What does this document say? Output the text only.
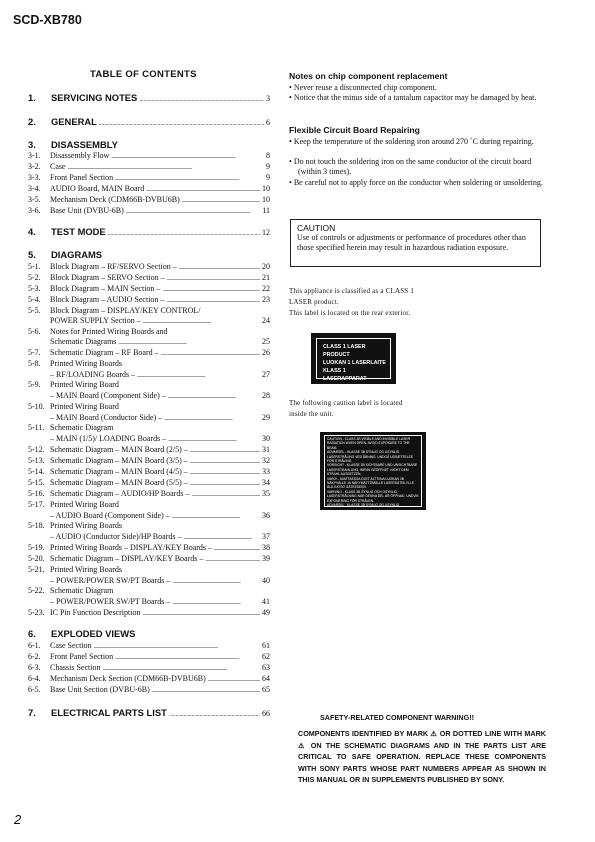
SCD-XB780
TABLE OF CONTENTS
1.	SERVICING NOTES . . .	3
2.	GENERAL . . .	6
3.	DISASSEMBLY
3-1.	Disassembly Flow . . .	8
3-2.	Case . . .	9
3-3.	Front Panel Section . . .	9
3-4.	AUDIO Board, MAIN Board . . .	10
3-5.	Mechanism Deck (CDM66B-DVBU6B) . . .	10
3-6.	Base Unit (DVBU-6B) . . .	11
4.	TEST MODE . . .	12
5.	DIAGRAMS
5-1.	Block Diagram – RF/SERVO Section – . . .	20
5-2.	Block Diagram – SERVO Section – . . .	21
5-3.	Block Diagram – MAIN Section – . . .	22
5-4.	Block Diagram – AUDIO Section – . . .	23
5-5.	Block Diagram – DISPLAY/KEY CONTROL/
POWER SUPPLY Section – . . .	24
5-6.	Notes for Printed Wiring Boards and
Schematic Diagrams . . .	25
5-7.	Schematic Diagram – RF Board – . . .	26
5-8.	Printed Wiring Boards
– RF/LOADING Boards – . . .	27
5-9.	Printed Wiring Board
– MAIN Board (Component Side) – . . .	28
5-10. Printed Wiring Board
– MAIN Board (Conductor Side) – . . .	29
5-11. Schematic Diagram
– MAIN (1/5)/ LOADING Boards – . . .	30
5-12. Schematic Diagram – MAIN Board (2/5) – . . .	31
5-13. Schematic Diagram – MAIN Board (3/5) – . . .	32
5-14. Schematic Diagram – MAIN Board (4/5) – . . .	33
5-15. Schematic Diagram – MAIN Board (5/5) – . . .	34
5-16. Schematic Diagram – AUDIO/HP Boards – . . .	35
5-17. Printed Wiring Board
– AUDIO Board (Component Side) – . . .	36
5-18. Printed Wiring Boards
– AUDIO (Conductor Side)/HP Boards – . . .	37
5-19. Printed Wiring Boards – DISPLAY/KEY Boards – . . .	38
5-20. Schematic Diagram – DISPLAY/KEY Boards – . . .	39
5-21. Printed Wiring Boards
– POWER/POWER SW/PT Boards – . . .	40
5-22. Schematic Diagram
– POWER/POWER SW/PT Boards – . . .	41
5-23. IC Pin Function Description . . .	49
6.	EXPLODED VIEWS
6-1.	Case Section . . .	61
6-2.	Front Panel Section . . .	62
6-3.	Chassis Section . . .	63
6-4.	Mechanism Deck Section (CDM66B-DVBU6B) . . .	64
6-5.	Base Unit Section (DVBU-6B) . . .	65
7.	ELECTRICAL PARTS LIST . . .	66
Notes on chip component replacement
• Never reuse a disconnected chip component.
• Notice that the minus side of a tantalum capacitor may be damaged by heat.
Flexible Circuit Board Repairing
• Keep the temperature of the soldering iron around 270 ˚C during repairing.
• Do not touch the soldering iron on the same conductor of the circuit board (within 3 times).
• Be careful not to apply force on the conductor when soldering or unsoldering.
CAUTION
Use of controls or adjustments or performance of procedures other than those specified herein may result in hazardous radiation exposure.
This appliance is classified as a CLASS 1
LASER product.
This label is located on the rear exterior.
CLASS 1 LASER PRODUCT
LUOKAN 1 LASERLAITE
KLASS 1 LASERAPPARAT
The following caution label is located
inside the unit.
CAUTION - CLASS 3B VISIBLE AND INVISIBLE LASER RADIATION WHEN OPEN. AVOID EXPOSURE TO THE BEAM.
ADVARSEL - KLASSE 3B SYNLIG OG USYNLIG LASERSTRÅLING VED ÅBNING. UNDGÅ UDSÆTTELSE FOR STRÅLING.
VORSICHT - KLASSE 3B SICHTBARE UND UNSICHTBARE LASERSTRAHLUNG, WENN GEÖFFNET. NICHT DEM STRAHL AUSSETZEN.
VARO! - AVATTAESSA OLET ALTTIINA LUOKAN 3B NÄKYVÄLLE JA NÄKYMÄTTÖMÄLLE LASERSÄTEILYLLE. ÄLÄ KATSO SÄTEESEEN.
VARNING - KLASS 3B SYNLIG OCH OSYNLIG LASERSTRÅLNING NÄR DENNA DEL ÄR ÖPPNAD. UNDVIK EXPONERING FÖR STRÅLEN.
ADVARSEL - KLASSE 3B SYNLIG OG USYNLIG
SAFETY-RELATED COMPONENT WARNING!!
COMPONENTS IDENTIFIED BY MARK ⚠ OR DOTTED LINE WITH MARK ⚠ ON THE SCHEMATIC DIAGRAMS AND IN THE PARTS LIST ARE CRITICAL TO SAFE OPERATION. REPLACE THESE COMPONENTS WITH SONY PARTS WHOSE PART NUMBERS APPEAR AS SHOWN IN THIS MANUAL OR IN SUPPLEMENTS PUBLISHED BY SONY.
2
